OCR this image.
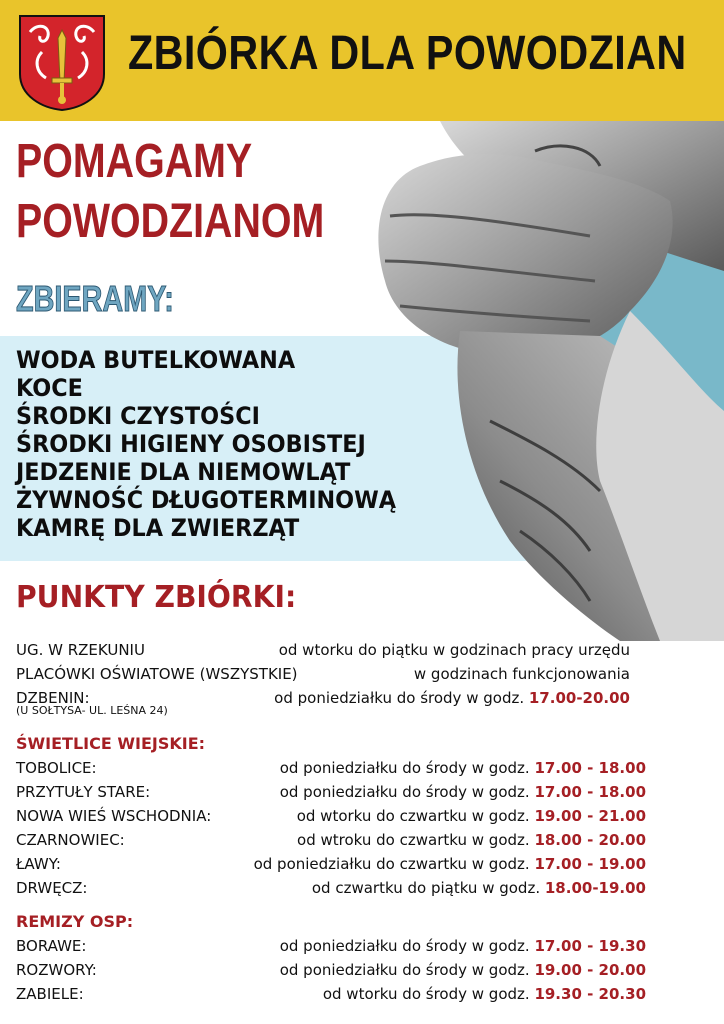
ZBIÓRKA DLA POWODZIAN
POMAGAMY
POWODZIANOM
ZBIERAMY:
WODA BUTELKOWANA
KOCE
ŚRODKI CZYSTOŚCI
ŚRODKI HIGIENY OSOBISTEJ
JEDZENIE DLA NIEMOWLĄT
ŻYWNOŚĆ DŁUGOTERMINOWĄ
KAMRĘ DLA ZWIERZĄT
PUNKTY ZBIÓRKI:
UG. W RZEKUNIU	od wtorku do piątku w godzinach pracy urzędu
PLACÓWKI OŚWIATOWE (WSZYSTKIE)	w godzinach funkcjonowania
DZBENIN:	od poniedziałku do środy w godz. 17.00-20.00
(U SOŁTYSA- UL. LEŚNA 24)
ŚWIETLICE WIEJSKIE:
TOBOLICE:	od poniedziałku do środy w godz. 17.00 - 18.00
PRZYTUŁY STARE:	od poniedziałku do środy w godz. 17.00 - 18.00
NOWA WIEŚ WSCHODNIA:	od wtorku do czwartku w godz. 19.00 - 21.00
CZARNOWIEC:	od wtroku do czwartku w godz. 18.00 - 20.00
ŁAWY:	od poniedziałku do czwartku w godz. 17.00 - 19.00
DRWĘCZ:	od czwartku do piątku w godz. 18.00-19.00
REMIZY OSP:
BORAWE:	od poniedziałku do środy w godz. 17.00 - 19.30
ROZWORY:	od poniedziałku do środy w godz. 19.00 - 20.00
ZABIELE:	od wtorku do środy w godz. 19.30 - 20.30
